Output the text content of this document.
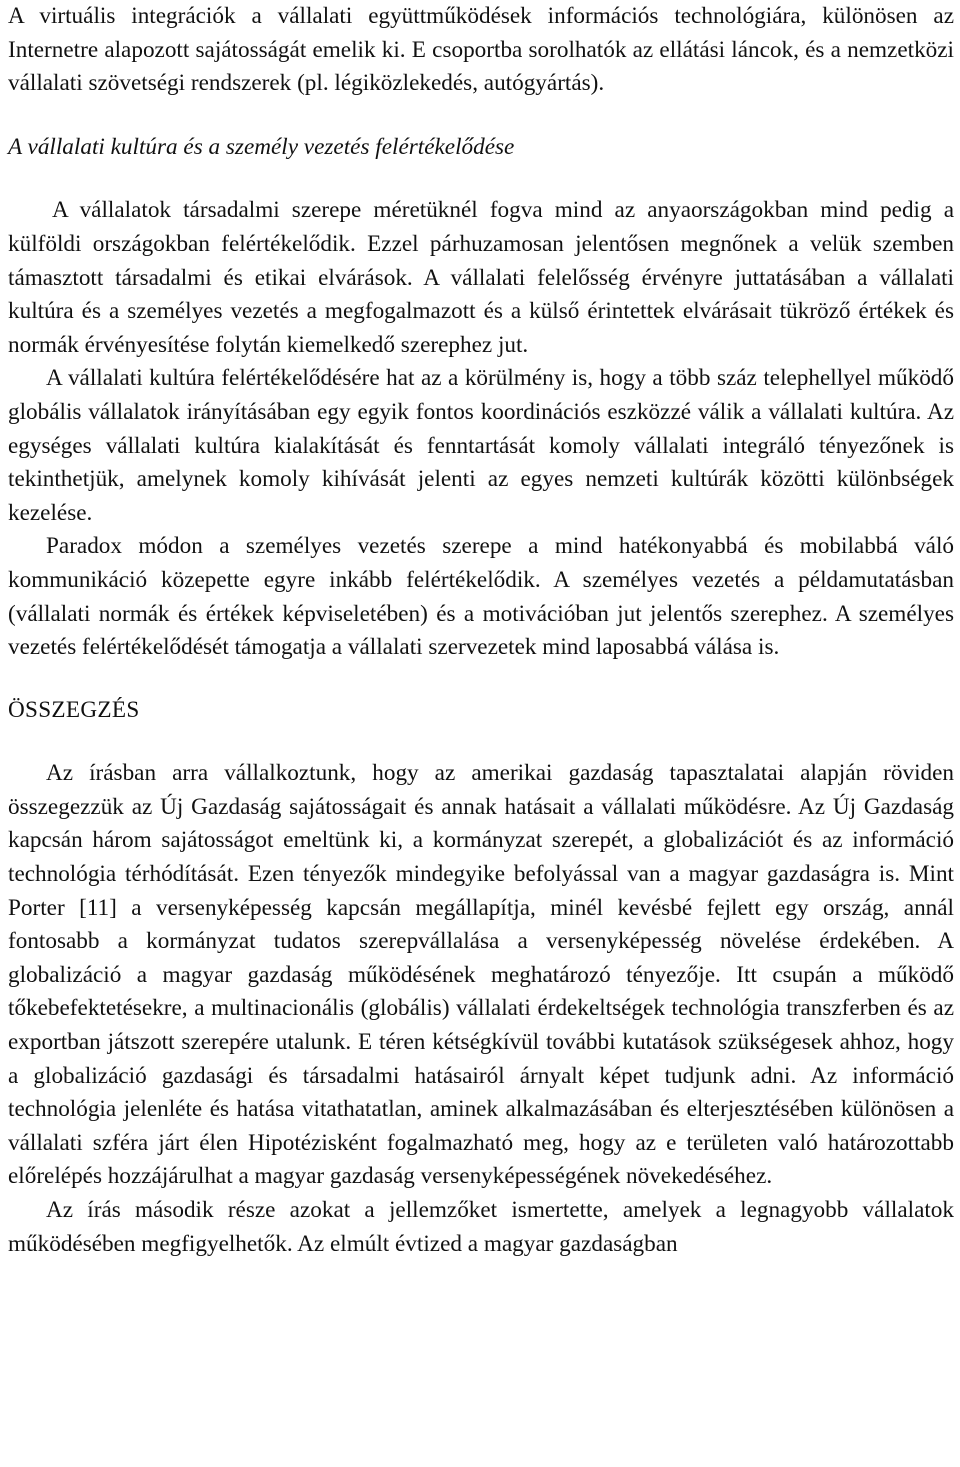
A virtuális integrációk a vállalati együttműködések információs technológiára, különösen az Internetre alapozott sajátosságát emelik ki. E csoportba sorolhatók az ellátási láncok, és a nemzetközi vállalati szövetségi rendszerek (pl. légiközlekedés, autógyártás).

A vállalati kultúra és a személy vezetés felértékelődése

A vállalatok társadalmi szerepe méretüknél fogva mind az anyaországokban mind pedig a külföldi országokban felértékelődik. Ezzel párhuzamosan jelentősen megnőnek a velük szemben támasztott társadalmi és etikai elvárások. A vállalati felelősség érvényre juttatásában a vállalati kultúra és a személyes vezetés a megfogalmazott és a külső érintettek elvárásait tükröző értékek és normák érvényesítése folytán kiemelkedő szerephez jut.

A vállalati kultúra felértékelődésére hat az a körülmény is, hogy a több száz telephellyel működő globális vállalatok irányításában egy egyik fontos koordinációs eszközzé válik a vállalati kultúra. Az egységes vállalati kultúra kialakítását és fenntartását komoly vállalati integráló tényezőnek is tekinthetjük, amelynek komoly kihívását jelenti az egyes nemzeti kultúrák közötti különbségek kezelése.

Paradox módon a személyes vezetés szerepe a mind hatékonyabbá és mobilabbá váló kommunikáció közepette egyre inkább felértékelődik. A személyes vezetés a példamutatásban (vállalati normák és értékek képviseletében) és a motivációban jut jelentős szerephez. A személyes vezetés felértékelődését támogatja a vállalati szervezetek mind laposabbá válása is.

ÖSSZEGZÉS

Az írásban arra vállalkoztunk, hogy az amerikai gazdaság tapasztalatai alapján röviden összegezzük az Új Gazdaság sajátosságait és annak hatásait a vállalati működésre. Az Új Gazdaság kapcsán három sajátosságot emeltünk ki, a kormányzat szerepét, a globalizációt és az információ technológia térhódítását. Ezen tényezők mindegyike befolyással van a magyar gazdaságra is. Mint Porter [11] a versenyképesség kapcsán megállapítja, minél kevésbé fejlett egy ország, annál fontosabb a kormányzat tudatos szerepvállalása a versenyképesség növelése érdekében. A globalizáció a magyar gazdaság működésének meghatározó tényezője. Itt csupán a működő tőkebefektetésekre, a multinacionális (globális) vállalati érdekeltségek technológia transzferben és az exportban játszott szerepére utalunk. E téren kétségkívül további kutatások szükségesek ahhoz, hogy a globalizáció gazdasági és társadalmi hatásairól árnyalt képet tudjunk adni. Az információ technológia jelenléte és hatása vitathatatlan, aminek alkalmazásában és elterjesztésében különösen a vállalati szféra járt élen Hipotézisként fogalmazható meg, hogy az e területen való határozottabb előrelépés hozzájárulhat a magyar gazdaság versenyképességének növekedéséhez.

Az írás második része azokat a jellemzőket ismertette, amelyek a legnagyobb vállalatok működésében megfigyelhetők. Az elmúlt évtized a magyar gazdaságban
